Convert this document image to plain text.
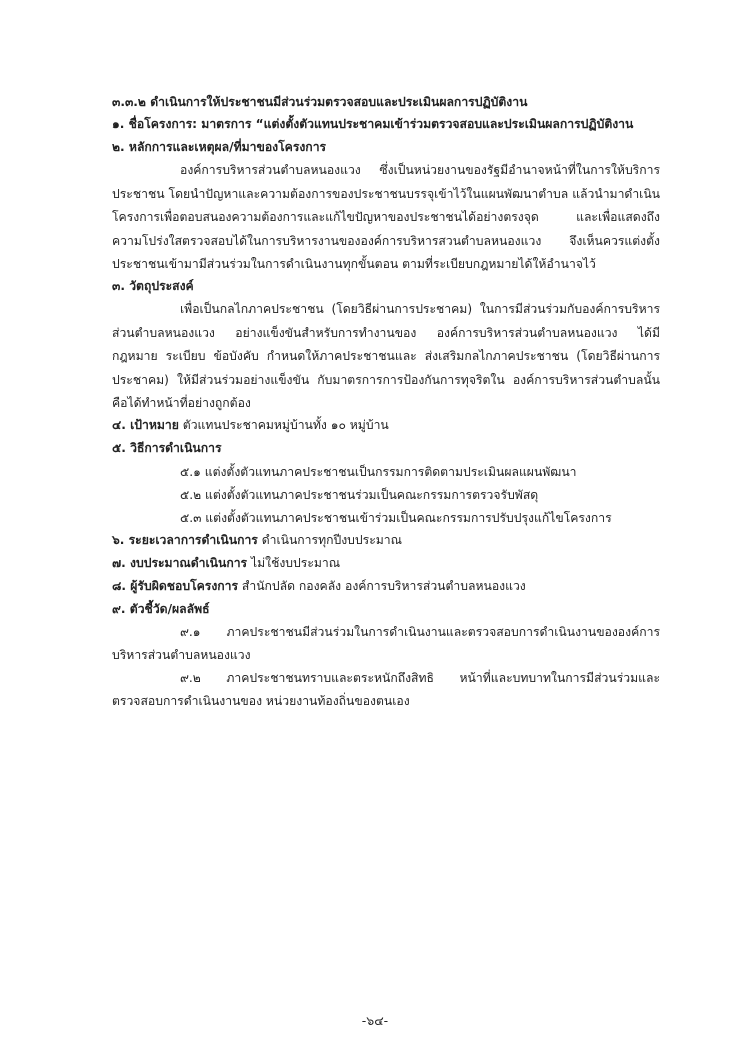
๓.๓.๒ ดำเนินการให้ประชาชนมีส่วนร่วมตรวจสอบและประเมินผลการปฏิบัติงาน
๑. ชื่อโครงการ: มาตรการ “แต่งตั้งตัวแทนประชาคมเข้าร่วมตรวจสอบและประเมินผลการปฏิบัติงาน
๒. หลักการและเหตุผล/ที่มาของโครงการ
องค์การบริหารส่วนตำบลหนองแวง ซึ่งเป็นหน่วยงานของรัฐมีอำนาจหน้าที่ในการให้บริการ
ประชาชน โดยนำปัญหาและความต้องการของประชาชนบรรจุเข้าไว้ในแผนพัฒนาตำบล แล้วนำมาดำเนิน
โครงการเพื่อตอบสนองความต้องการและแก้ไขปัญหาของประชาชนได้อย่างตรงจุด และเพื่อแสดงถึง
ความโปร่งใสตรวจสอบได้ในการบริหารงานขององค์การบริหารสวนตำบลหนองแวง จึงเห็นควรแต่งตั้ง
ประชาชนเข้ามามีส่วนร่วมในการดำเนินงานทุกขั้นตอน ตามที่ระเบียบกฎหมายได้ให้อำนาจไว้
๓. วัตถุประสงค์
เพื่อเป็นกลไกภาคประชาชน (โดยวิธีผ่านการประชาคม) ในการมีส่วนร่วมกับองค์การบริหาร
ส่วนตำบลหนองแวง อย่างแข็งขันสำหรับการทำงานของ องค์การบริหารส่วนตำบลหนองแวง ได้มี
กฎหมาย ระเบียบ ข้อบังคับ กำหนดให้ภาคประชาชนและ ส่งเสริมกลไกภาคประชาชน (โดยวิธีผ่านการ
ประชาคม) ให้มีส่วนร่วมอย่างแข็งขัน กับมาตรการการป้องกันการทุจริตใน องค์การบริหารส่วนตำบลนั้น
คือได้ทำหน้าที่อย่างถูกต้อง
๔. เป้าหมาย ตัวแทนประชาคมหมู่บ้านทั้ง ๑๐ หมู่บ้าน
๕. วิธีการดำเนินการ
๕.๑ แต่งตั้งตัวแทนภาคประชาชนเป็นกรรมการติดตามประเมินผลแผนพัฒนา
๕.๒ แต่งตั้งตัวแทนภาคประชาชนร่วมเป็นคณะกรรมการตรวจรับพัสดุ
๕.๓ แต่งตั้งตัวแทนภาคประชาชนเข้าร่วมเป็นคณะกรรมการปรับปรุงแก้ไขโครงการ
๖. ระยะเวลาการดำเนินการ ดำเนินการทุกปีงบประมาณ
๗. งบประมาณดำเนินการ ไม่ใช้งบประมาณ
๘. ผู้รับผิดชอบโครงการ สำนักปลัด กองคลัง องค์การบริหารส่วนตำบลหนองแวง
๙. ตัวชี้วัด/ผลลัพธ์
๙.๑ ภาคประชาชนมีส่วนร่วมในการดำเนินงานและตรวจสอบการดำเนินงานขององค์การ
บริหารส่วนตำบลหนองแวง
๙.๒ ภาคประชาชนทราบและตระหนักถึงสิทธิ หน้าที่และบทบาทในการมีส่วนร่วมและ
ตรวจสอบการดำเนินงานของ หน่วยงานท้องถิ่นของตนเอง
-๖๔-
